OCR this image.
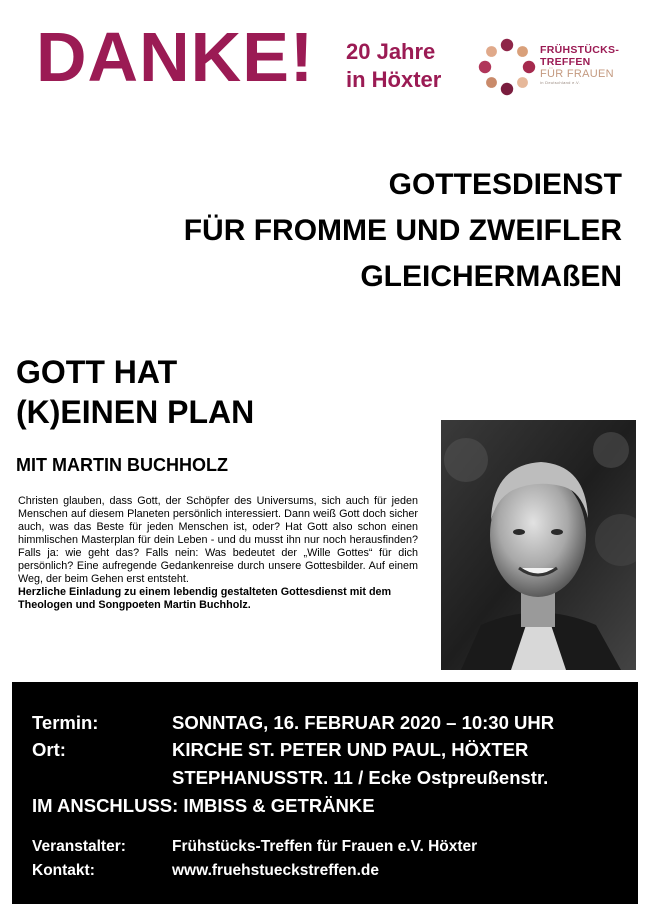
DANKE! 20 Jahre
in Höxter
FRÜHSTÜCKS-
TREFFEN
FÜR FRAUEN
in Deutschland e.V.
GOTTESDIENST
FÜR FROMME UND ZWEIFLER
GLEICHERMAßEN
GOTT HAT
(K)EINEN PLAN
MIT MARTIN BUCHHOLZ
Christen glauben, dass Gott, der Schöpfer des Universums, sich auch für jeden Menschen auf diesem Planeten persönlich interessiert. Dann weiß Gott doch sicher auch, was das Beste für jeden Menschen ist, oder? Hat Gott also schon einen himmlischen Masterplan für dein Leben - und du musst ihn nur noch herausfinden? Falls ja: wie geht das? Falls nein: Was bedeutet der „Wille Gottes“ für dich persönlich? Eine aufregende Gedankenreise durch unsere Gottesbilder. Auf einem Weg, der beim Gehen erst entsteht.
Herzliche Einladung zu einem lebendig gestalteten Gottesdienst mit dem Theologen und Songpoeten Martin Buchholz.
Termin:	SONNTAG, 16. FEBRUAR 2020 – 10:30 UHR
Ort:	KIRCHE ST. PETER UND PAUL, HÖXTER
STEPHANUSSTR. 11 / Ecke Ostpreußenstr.
IM ANSCHLUSS: IMBISS & GETRÄNKE
Veranstalter:	Frühstücks-Treffen für Frauen e.V. Höxter
Kontakt:	www.fruehstueckstreffen.de
